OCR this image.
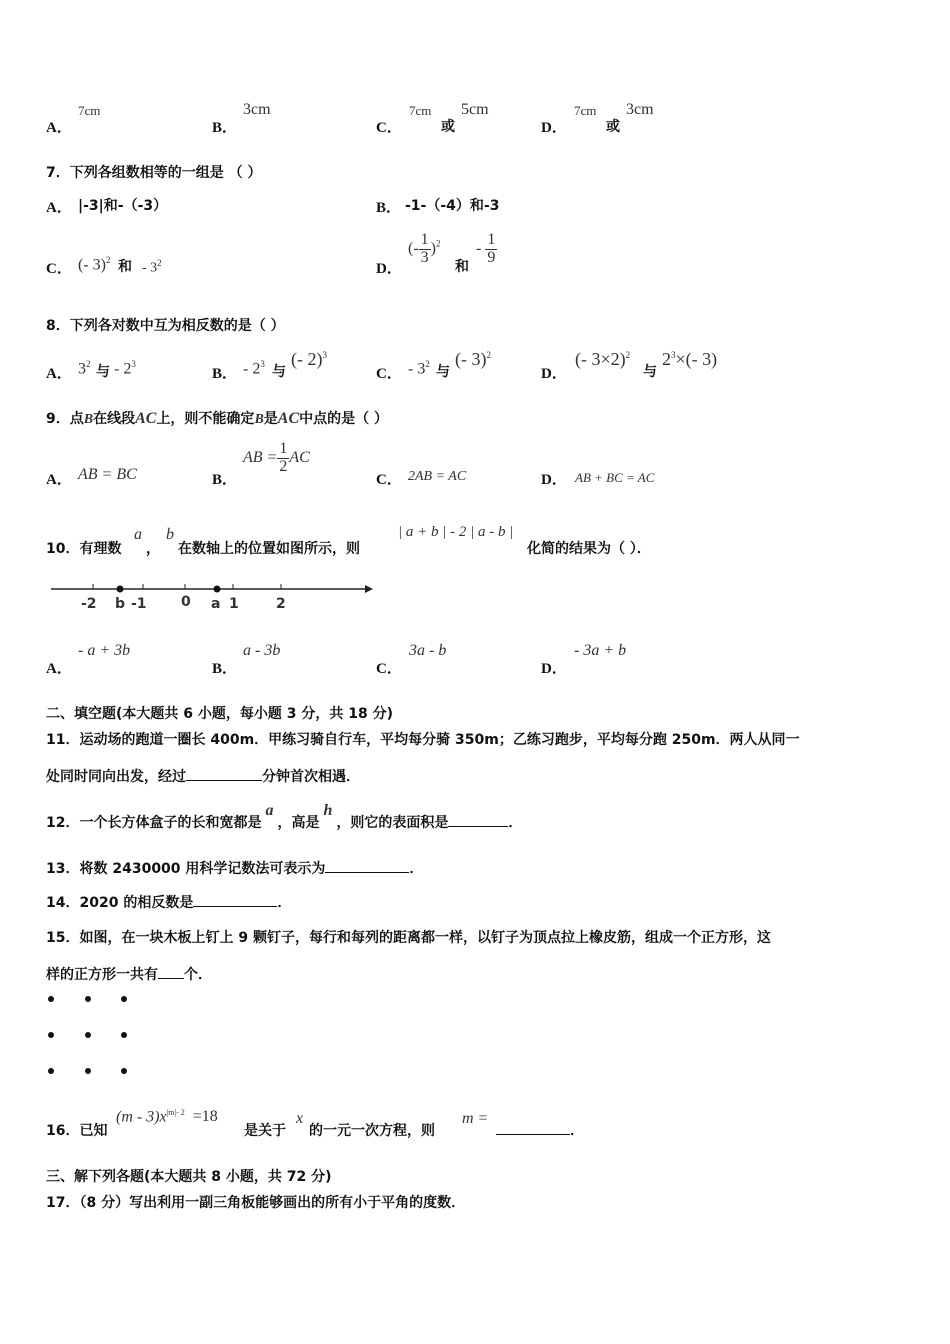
A．
7cm
B．
3cm
C．
7cm
或
5cm
D．
7cm
或
3cm
7．下列各组数相等的一组是 （ ）
A． |-3|和-（-3）	B． -1-（-4）和-3
C． (- 3)$^2$ 和 - $3^2$	D．
(- $\frac{1}{3} )^2$
和
- $\frac{1}{9}$
8．下列各对数中互为相反数的是（ ）
A． $3^2$ 与 - $2^3$
B． - $2^3$ 与
(- 2)$^3$
C． - $3^2$ 与
(- 3)$^2$
D．
(- 3×2)$^2$
与
$2^3\times(-$ 3)
9．点B在线段AC上，则不能确定B是AC中点的是（ ）
A． AB = BC	B．
AB = $\frac{1}{2}$ AC
C． 2AB = AC	D． AB + BC = AC
10．有理数
a
，
b
在数轴上的位置如图所示，则
| a + b | - 2 | a - b |
化简的结果为（ ）．
-2 b -1 0 a 1	2
A．
- a + 3b
B．
a - 3b
C．
3a - b
D．
- 3a + b
二、填空题(本大题共 6 小题，每小题 3 分，共 18 分)
11．运动场的跑道一圈长 400m．甲练习骑自行车，平均每分骑 350m；乙练习跑步，平均每分跑 250m．两人从同一
处同时同向出发，经过	分钟首次相遇．
12．一个长方体盒子的长和宽都是a，高是h，则它的表面积是	．
13．将数 2430000 用科学记数法可表示为	．
14．2020 的相反数是	．
15．如图，在一块木板上钉上 9 颗钉子，每行和每列的距离都一样，以钉子为顶点拉上橡皮筋，组成一个正方形，这
样的正方形一共有 个．
16．已知
$(m - 3)x^{|m|- 2} =18$
是关于
x
的一元一次方程，则
m =
．
三、解下列各题(本大题共 8 小题，共 72 分)
17．（8 分）写出利用一副三角板能够画出的所有小于平角的度数．
